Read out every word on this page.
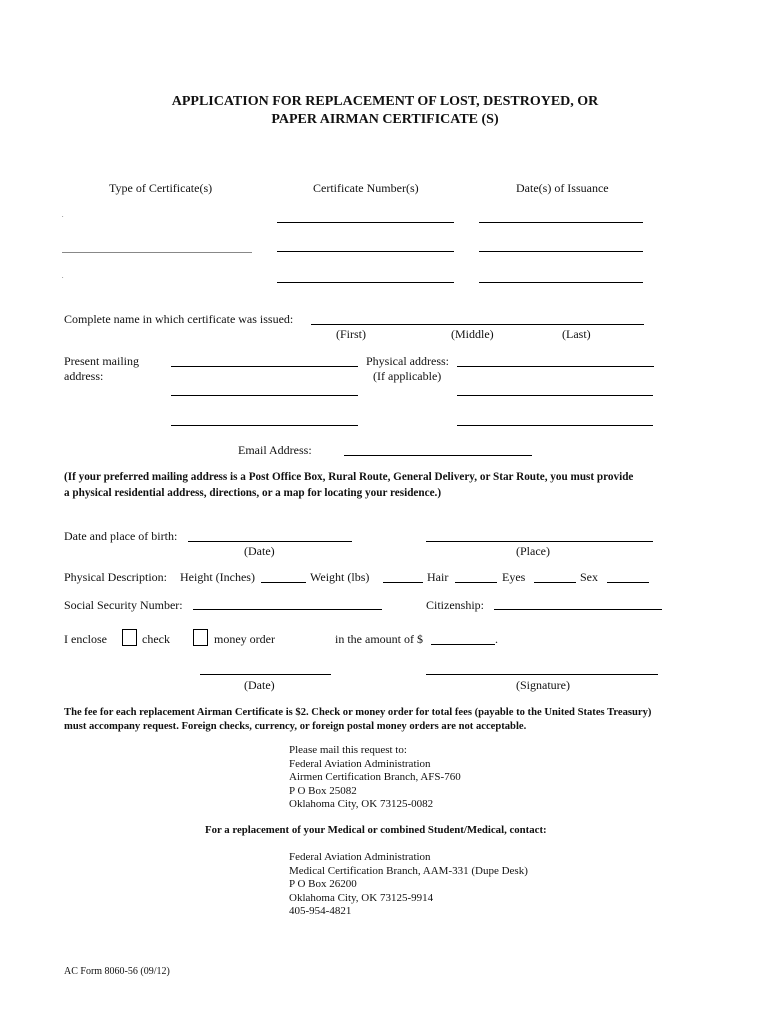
APPLICATION FOR REPLACEMENT OF LOST, DESTROYED, OR
PAPER AIRMAN CERTIFICATE (S)
Type of Certificate(s)	Certificate Number(s)	Date(s) of Issuance
.
.
Complete name in which certificate was issued:
(First)	(Middle)	(Last)
Present mailing
address:
Physical address:
(If applicable)
Email Address:
(If your preferred mailing address is a Post Office Box, Rural Route, General Delivery, or Star Route, you must provide
a physical residential address, directions, or a map for locating your residence.)
Date and place of birth:
(Date)	(Place)
Physical Description: Height (Inches)	Weight (lbs)	Hair	Eyes	Sex
Social Security Number:	Citizenship:
I enclose	check	money order	in the amount of $	.
(Date)	(Signature)
The fee for each replacement Airman Certificate is $2. Check or money order for total fees (payable to the United States Treasury)
must accompany request. Foreign checks, currency, or foreign postal money orders are not acceptable.
Please mail this request to:
Federal Aviation Administration
Airmen Certification Branch, AFS-760
P O Box 25082
Oklahoma City, OK 73125-0082
For a replacement of your Medical or combined Student/Medical, contact:
Federal Aviation Administration
Medical Certification Branch, AAM-331 (Dupe Desk)
P O Box 26200
Oklahoma City, OK 73125-9914
405-954-4821
AC Form 8060-56 (09/12)
